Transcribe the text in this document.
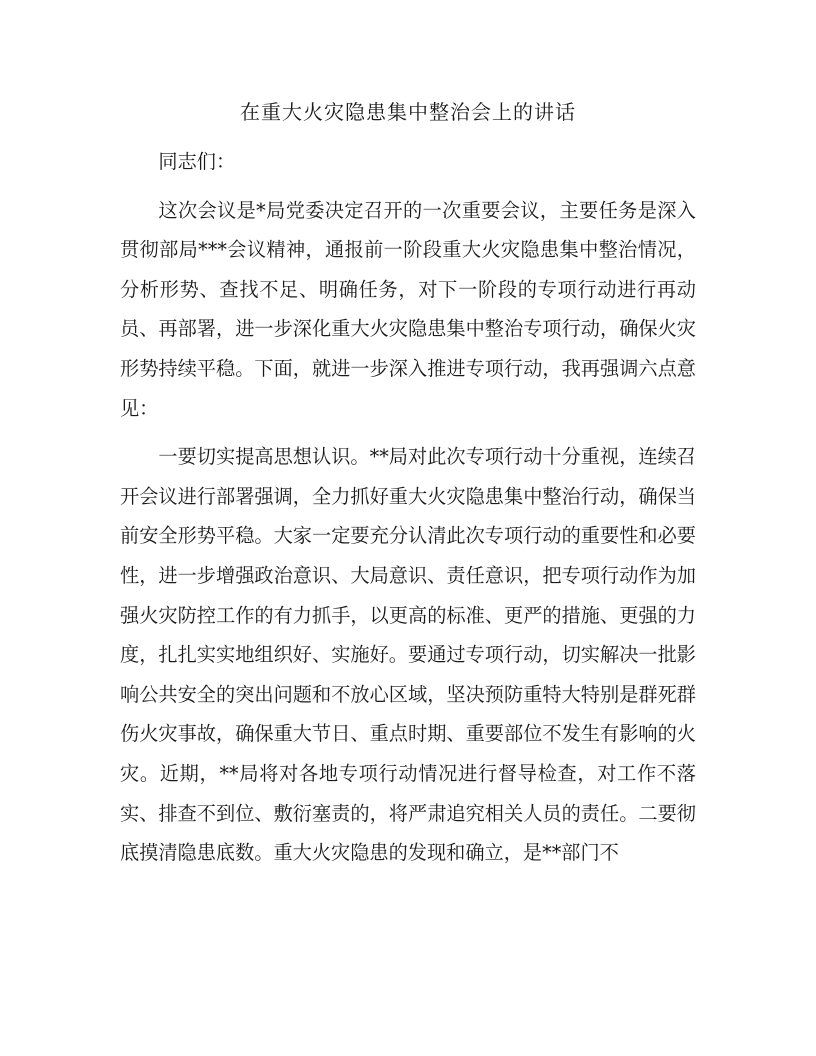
在重大火灾隐患集中整治会上的讲话

同志们：

这次会议是*局党委决定召开的一次重要会议，主要任务是深入贯彻部局***会议精神，通报前一阶段重大火灾隐患集中整治情况，分析形势、查找不足、明确任务，对下一阶段的专项行动进行再动员、再部署，进一步深化重大火灾隐患集中整治专项行动，确保火灾形势持续平稳。下面，就进一步深入推进专项行动，我再强调六点意见：

一要切实提高思想认识。**局对此次专项行动十分重视，连续召开会议进行部署强调，全力抓好重大火灾隐患集中整治行动，确保当前安全形势平稳。大家一定要充分认清此次专项行动的重要性和必要性，进一步增强政治意识、大局意识、责任意识，把专项行动作为加强火灾防控工作的有力抓手，以更高的标准、更严的措施、更强的力度，扎扎实实地组织好、实施好。要通过专项行动，切实解决一批影响公共安全的突出问题和不放心区域，坚决预防重特大特别是群死群伤火灾事故，确保重大节日、重点时期、重要部位不发生有影响的火灾。近期，**局将对各地专项行动情况进行督导检查，对工作不落实、排查不到位、敷衍塞责的，将严肃追究相关人员的责任。二要彻底摸清隐患底数。重大火灾隐患的发现和确立，是**部门不
